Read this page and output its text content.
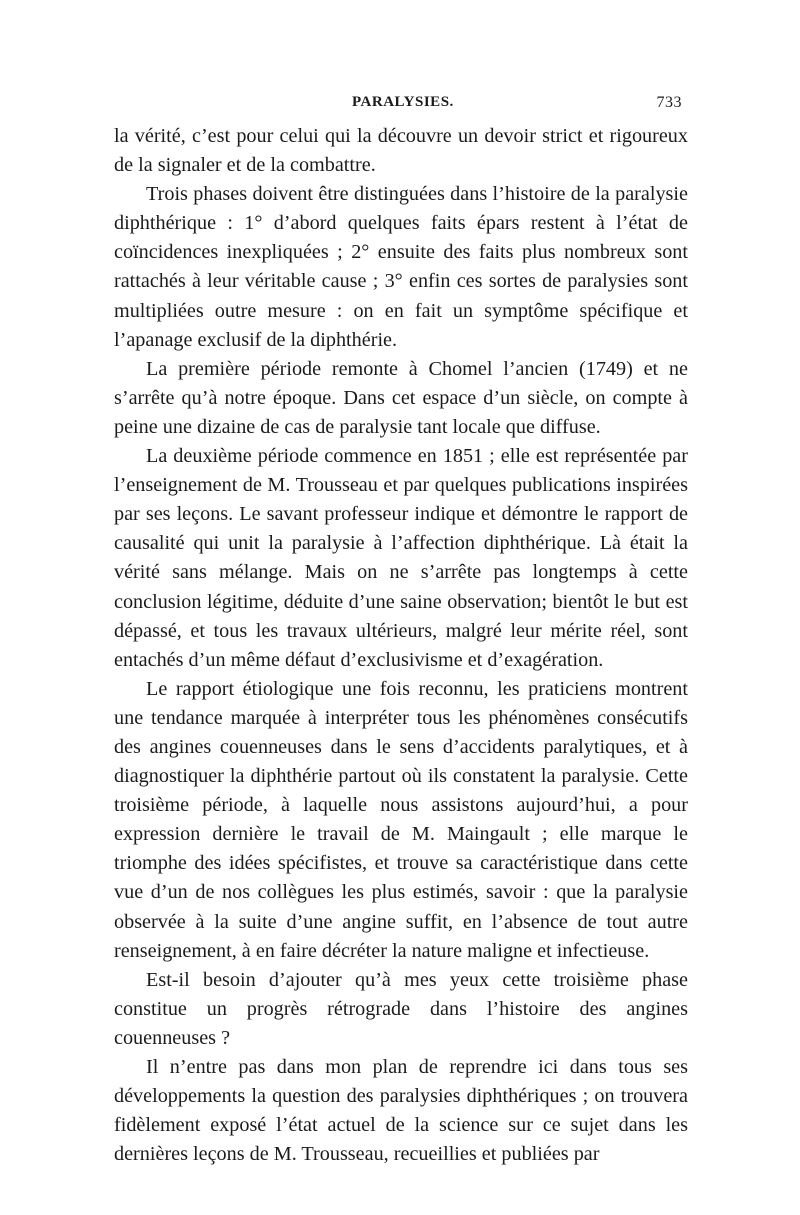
PARALYSIES.	733

la vérité, c’est pour celui qui la découvre un devoir strict et rigoureux de la signaler et de la combattre.

Trois phases doivent être distinguées dans l’histoire de la paralysie diphthérique : 1° d’abord quelques faits épars restent à l’état de coïncidences inexpliquées ; 2° ensuite des faits plus nombreux sont rattachés à leur véritable cause ; 3° enfin ces sortes de paralysies sont multipliées outre mesure : on en fait un symptôme spécifique et l’apanage exclusif de la diphthérie.

La première période remonte à Chomel l’ancien (1749) et ne s’arrête qu’à notre époque. Dans cet espace d’un siècle, on compte à peine une dizaine de cas de paralysie tant locale que diffuse.

La deuxième période commence en 1851 ; elle est représentée par l’enseignement de M. Trousseau et par quelques publications inspirées par ses leçons. Le savant professeur indique et démontre le rapport de causalité qui unit la paralysie à l’affection diphthérique. Là était la vérité sans mélange. Mais on ne s’arrête pas longtemps à cette conclusion légitime, déduite d’une saine observation; bientôt le but est dépassé, et tous les travaux ultérieurs, malgré leur mérite réel, sont entachés d’un même défaut d’exclusivisme et d’exagération.

Le rapport étiologique une fois reconnu, les praticiens montrent une tendance marquée à interpréter tous les phénomènes consécutifs des angines couenneuses dans le sens d’accidents paralytiques, et à diagnostiquer la diphthérie partout où ils constatent la paralysie. Cette troisième période, à laquelle nous assistons aujourd’hui, a pour expression dernière le travail de M. Maingault ; elle marque le triomphe des idées spécifistes, et trouve sa caractéristique dans cette vue d’un de nos collègues les plus estimés, savoir : que la paralysie observée à la suite d’une angine suffit, en l’absence de tout autre renseignement, à en faire décréter la nature maligne et infectieuse.

Est-il besoin d’ajouter qu’à mes yeux cette troisième phase constitue un progrès rétrograde dans l’histoire des angines couenneuses ?

Il n’entre pas dans mon plan de reprendre ici dans tous ses développements la question des paralysies diphthériques ; on trouvera fidèlement exposé l’état actuel de la science sur ce sujet dans les dernières leçons de M. Trousseau, recueillies et publiées par
